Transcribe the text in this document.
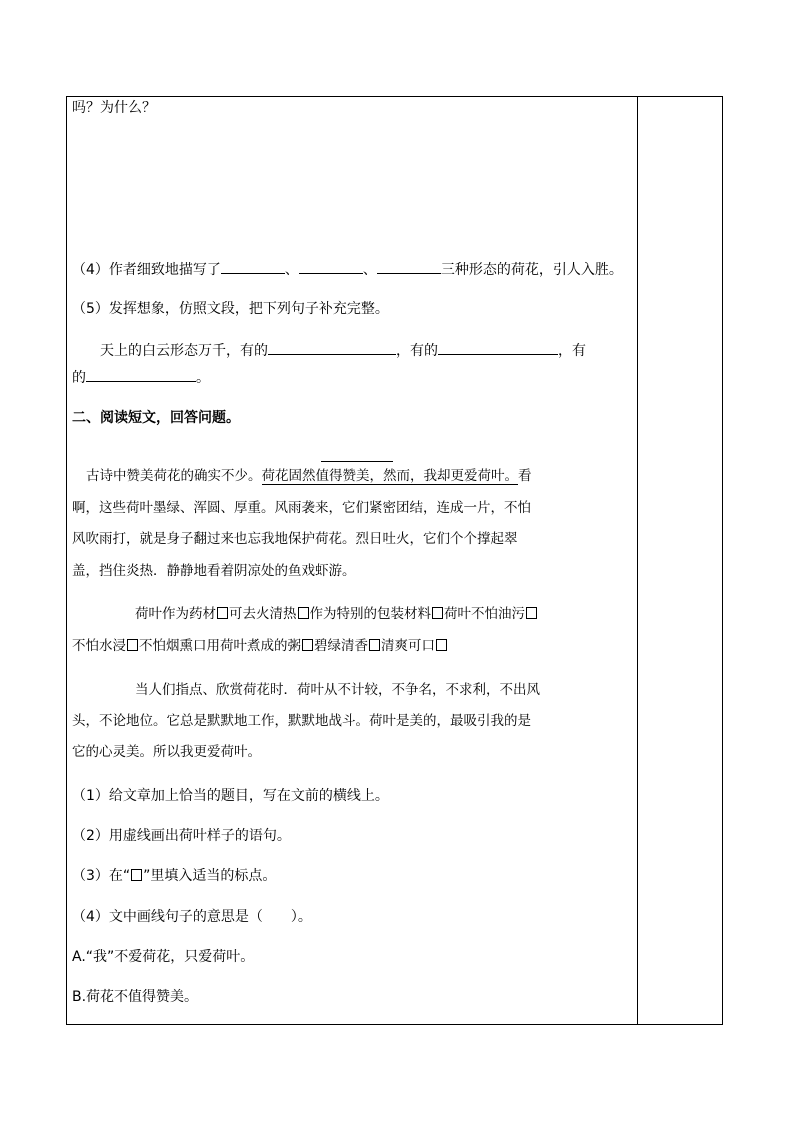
吗？为什么？
（4）作者细致地描写了	、	、	三种形态的荷花，引人入胜。
（5）发挥想象，仿照文段，把下列句子补充完整。
天上的白云形态万千，有的	，有的	，有
的	。
二、阅读短文，回答问题。
古诗中赞美荷花的确实不少。荷花固然值得赞美，然而，我却更爱荷叶。看
啊，这些荷叶墨绿、浑圆、厚重。风雨袭来，它们紧密团结，连成一片，不怕
风吹雨打，就是身子翻过来也忘我地保护荷花。烈日吐火，它们个个撑起翠
盖，挡住炎热．静静地看着阴凉处的鱼戏虾游。
荷叶作为药材 可去火清热 作为特别的包装材料 荷叶不怕油污
不怕水浸 不怕烟熏口用荷叶煮成的粥 碧绿清香 清爽可口
当人们指点、欣赏荷花时．荷叶从不计较，不争名，不求利，不出风
头，不论地位。它总是默默地工作，默默地战斗。荷叶是美的，最吸引我的是
它的心灵美。所以我更爱荷叶。
（1）给文章加上恰当的题目，写在文前的横线上。
（2）用虚线画出荷叶样子的语句。
（3）在“ ”里填入适当的标点。
（4）文中画线句子的意思是（　　）。
A.“我”不爱荷花，只爱荷叶。
B.荷花不值得赞美。
